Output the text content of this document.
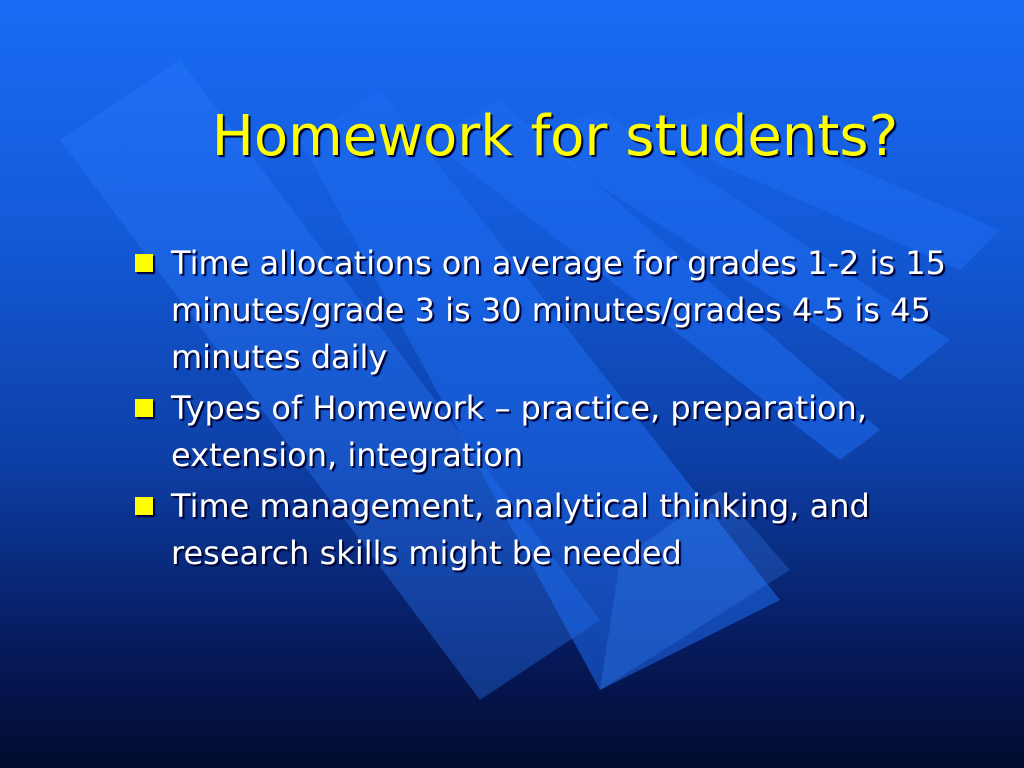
Homework for students?
Time allocations on average for grades 1-2 is 15 minutes/grade 3 is 30 minutes/grades 4-5 is 45 minutes daily
Types of Homework – practice, preparation, extension, integration
Time management, analytical thinking, and research skills might be needed
